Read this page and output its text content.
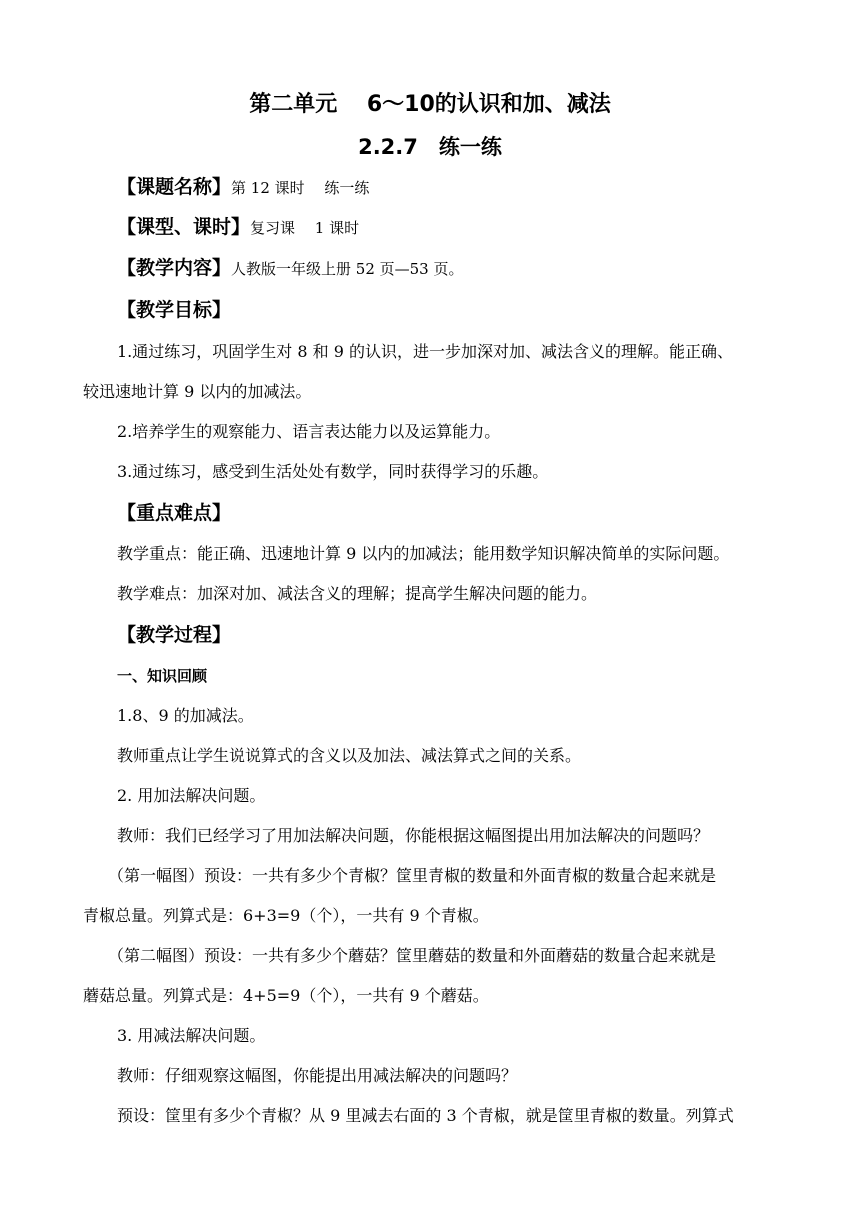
第二单元　 6～10的认识和加、减法
2.2.7　练一练
【课题名称】第 12 课时　 练一练
【课型、课时】复习课　 1 课时
【教学内容】人教版一年级上册 52 页—53 页。
【教学目标】
1.通过练习，巩固学生对 8 和 9 的认识，进一步加深对加、减法含义的理解。能正确、
较迅速地计算 9 以内的加减法。
2.培养学生的观察能力、语言表达能力以及运算能力。
3.通过练习，感受到生活处处有数学，同时获得学习的乐趣。
【重点难点】
教学重点：能正确、迅速地计算 9 以内的加减法；能用数学知识解决简单的实际问题。
教学难点：加深对加、减法含义的理解；提高学生解决问题的能力。
【教学过程】
一、知识回顾
1.8、9 的加减法。
教师重点让学生说说算式的含义以及加法、减法算式之间的关系。
2. 用加法解决问题。
教师：我们已经学习了用加法解决问题，你能根据这幅图提出用加法解决的问题吗？
（第一幅图）预设：一共有多少个青椒？筐里青椒的数量和外面青椒的数量合起来就是
青椒总量。列算式是：6+3=9（个），一共有 9 个青椒。
（第二幅图）预设：一共有多少个蘑菇？筐里蘑菇的数量和外面蘑菇的数量合起来就是
蘑菇总量。列算式是：4+5=9（个），一共有 9 个蘑菇。
3. 用减法解决问题。
教师：仔细观察这幅图，你能提出用减法解决的问题吗？
预设：筐里有多少个青椒？从 9 里减去右面的 3 个青椒，就是筐里青椒的数量。列算式
